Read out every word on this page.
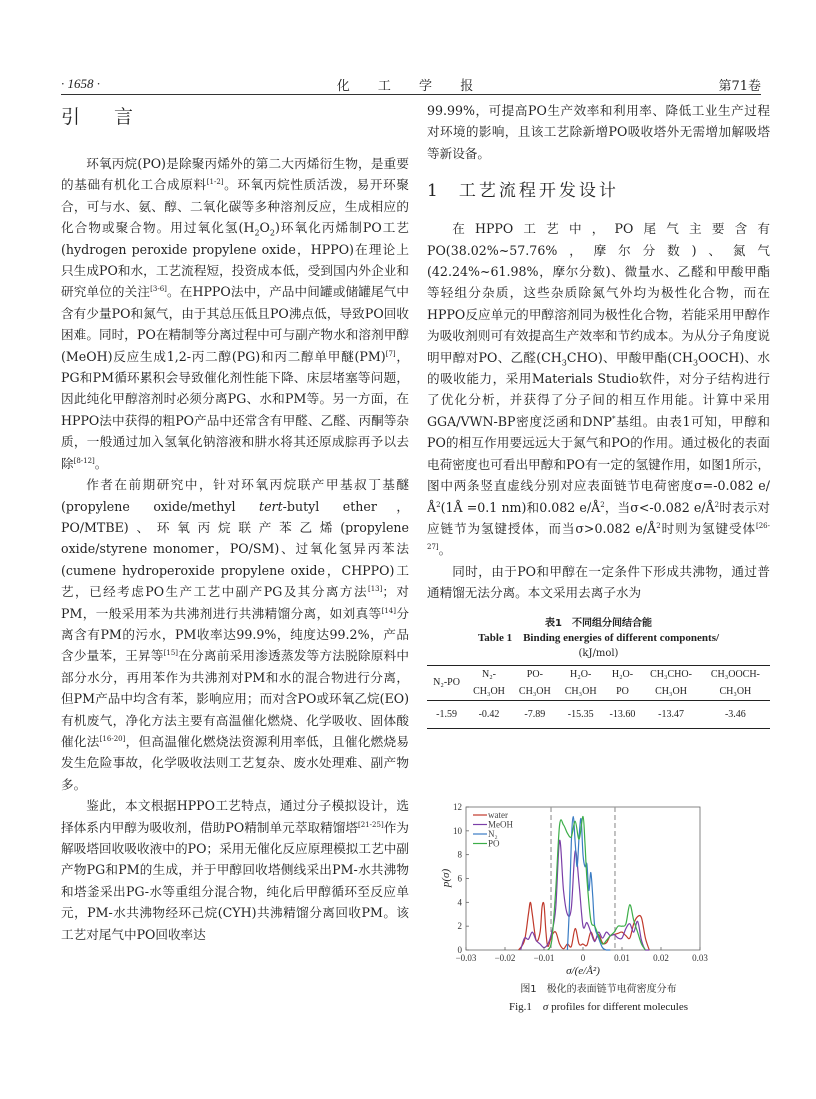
· 1658 ·	化 工 学 报	第71卷
引 言

环氧丙烷(PO)是除聚丙烯外的第二大丙烯衍生物，是重要的基础有机化工合成原料[1-2]。环氧丙烷性质活泼，易开环聚合，可与水、氨、醇、二氧化碳等多种溶剂反应，生成相应的化合物或聚合物。用过氧化氢$(H_2O_2)$环氧化丙烯制PO工艺(hydrogen peroxide propylene oxide，HPPO)在理论上只生成PO和水，工艺流程短，投资成本低，受到国内外企业和研究单位的关注[3-6]。在HPPO法中，产品中间罐或储罐尾气中含有少量PO和氮气，由于其总压低且PO沸点低，导致PO回收困难。同时，PO在精制等分离过程中可与副产物水和溶剂甲醇(MeOH)反应生成1,2-丙二醇(PG)和丙二醇单甲醚(PM)[7]，PG和PM循环累积会导致催化剂性能下降、床层堵塞等问题，因此纯化甲醇溶剂时必须分离PG、水和PM等。另一方面，在HPPO法中获得的粗PO产品中还常含有甲醛、乙醛、丙酮等杂质，一般通过加入氢氧化钠溶液和肼水将其还原成腙再予以去除[8-12]。

作者在前期研究中，针对环氧丙烷联产甲基叔丁基醚(propylene oxide/methyl tert-butyl ether，PO/MTBE)、环氧丙烷联产苯乙烯(propylene oxide/styrene monomer，PO/SM)、过氧化氢异丙苯法(cumene hydroperoxide propylene oxide，CHPPO)工艺，已经考虑PO生产工艺中副产PG及其分离方法[13]；对PM，一般采用苯为共沸剂进行共沸精馏分离，如刘真等[14]分离含有PM的污水，PM收率达99.9%，纯度达99.2%，产品含少量苯，王昇等[15]在分离前采用渗透蒸发等方法脱除原料中部分水分，再用苯作为共沸剂对PM和水的混合物进行分离，但PM产品中均含有苯，影响应用；而对含PO或环氧乙烷(EO)有机废气，净化方法主要有高温催化燃烧、化学吸收、固体酸催化法[16-20]，但高温催化燃烧法资源利用率低，且催化燃烧易发生危险事故，化学吸收法则工艺复杂、废水处理难、副产物多。

鉴此，本文根据HPPO工艺特点，通过分子模拟设计，选择体系内甲醇为吸收剂，借助PO精制单元萃取精馏塔[21-25]作为解吸塔回收吸收液中的PO；采用无催化反应原理模拟工艺中副产物PG和PM的生成，并于甲醇回收塔侧线采出PM-水共沸物和塔釜采出PG-水等重组分混合物，纯化后甲醇循环至反应单元，PM-水共沸物经环己烷(CYH)共沸精馏分离回收PM。该工艺对尾气中PO回收率达

99.99%，可提高PO生产效率和利用率、降低工业生产过程对环境的影响，且该工艺除新增PO吸收塔外无需增加解吸塔等新设备。

1 工艺流程开发设计

在HPPO工艺中，PO尾气主要含有PO(38.02%~57.76%，摩尔分数)、氮气(42.24%~61.98%，摩尔分数)、微量水、乙醛和甲酸甲酯等轻组分杂质，这些杂质除氮气外均为极性化合物，而在HPPO反应单元的甲醇溶剂同为极性化合物，若能采用甲醇作为吸收剂则可有效提高生产效率和节约成本。为从分子角度说明甲醇对PO、乙醛$(CH_3CHO)$、甲酸甲酯$(CH_3OOCH)$、水的吸收能力，采用Materials Studio软件，对分子结构进行了优化分析，并获得了分子间的相互作用能。计算中采用GGA/VWN-BP密度泛函和DNP*基组。由表1可知，甲醇和PO的相互作用要远远大于氮气和PO的作用。通过极化的表面电荷密度也可看出甲醇和PO有一定的氢键作用，如图1所示，图中两条竖直虚线分别对应表面链节电荷密度σ=-0.082 $e/Å^2(1Å =0.1$ nm)和0.082 $e/Å^2$，当σ<-0.082 $e/Å^2$时表示对应链节为氢键授体，而当σ>0.082 $e/Å^2$时则为氢键受体[26-27]。

同时，由于PO和甲醇在一定条件下形成共沸物，通过普通精馏无法分离。本文采用去离子水为

表1　不同组分间结合能
Table 1　Binding energies of different components/
(kJ/mol)
N₂-PO	N₂-	PO-	H₂O-	H₂O-	CH₃CHO-	CH₃OOCH-
	CH₃OH	CH₃OH	CH₃OH	PO	CH₃OH	CH₃OH
-1.59	-0.42	-7.89	-15.35	-13.60	-13.47	-3.46
−0.03 −0.02 −0.01	0	0.01	0.02	0.03
0
2
4
6
8
10
12
σ/(e/Å²)
p(σ)
water
MeOH
N₂
PO
图1　极化的表面链节电荷密度分布
Fig.1　σ profiles for different molecules
